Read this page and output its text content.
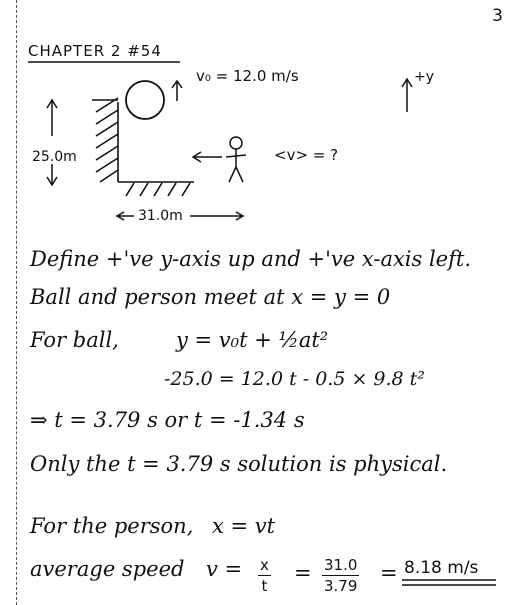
3
CHAPTER 2 #54
v₀ = 12.0 m/s	+y
25.0m	<v> = ?
31.0m
Define +'ve y-axis up and +'ve x-axis left.
Ball and person meet at x = y = 0
For ball,	y = v₀t + ½at²
-25.0 = 12.0 t - 0.5 × 9.8 t²
⇒ t = 3.79 s or t = -1.34 s
Only the t = 3.79 s solution is physical.
For the person, x = vt
average speed $v = \frac{x}{t} = \frac{31.0}{3.79} = 8.18$ m/s
